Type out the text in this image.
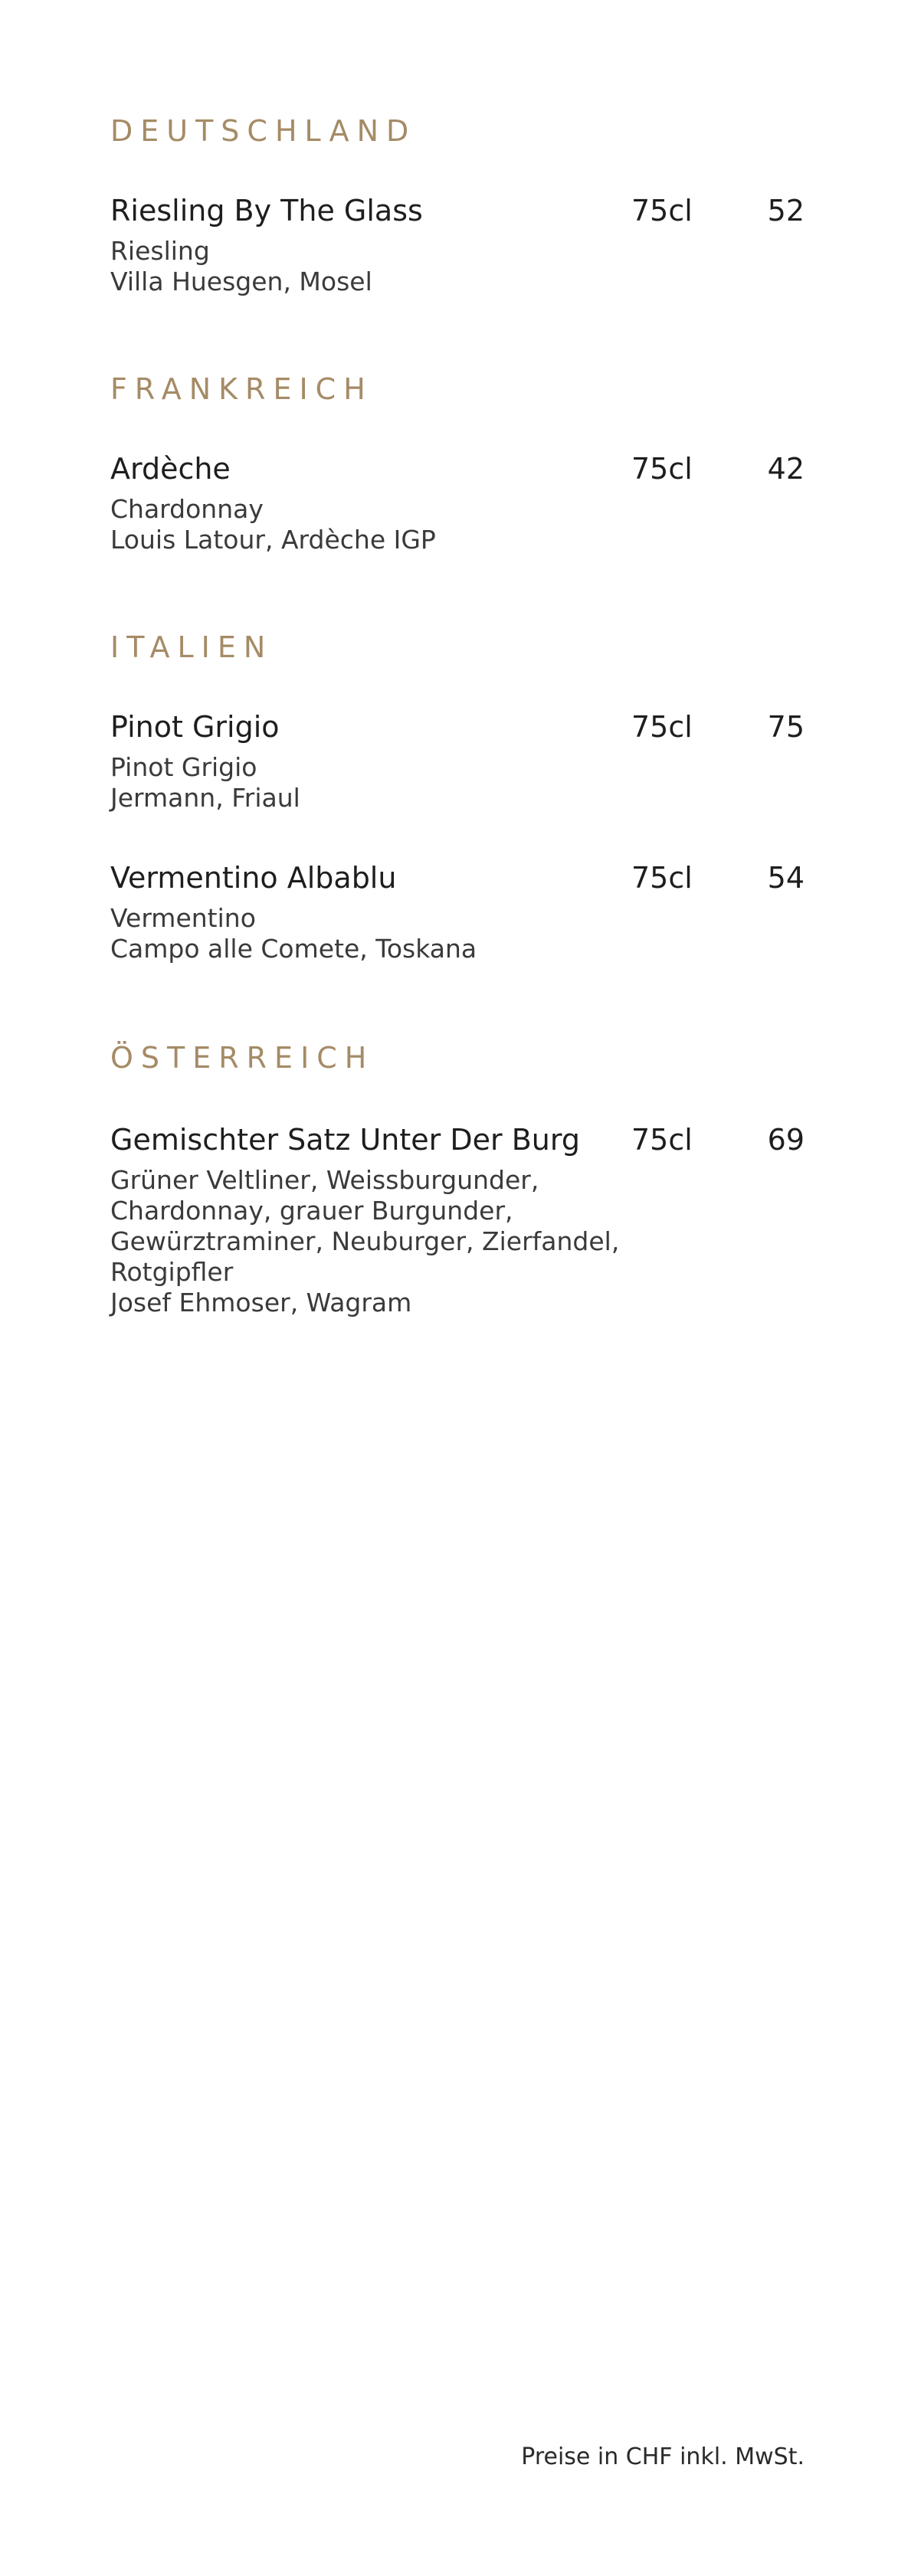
DEUTSCHLAND
Riesling By The Glass	75cl	52
Riesling
Villa Huesgen, Mosel
FRANKREICH
Ardèche	75cl	42
Chardonnay
Louis Latour, Ardèche IGP
ITALIEN
Pinot Grigio	75cl	75
Pinot Grigio
Jermann, Friaul
Vermentino Albablu	75cl	54
Vermentino
Campo alle Comete, Toskana
ÖSTERREICH
Gemischter Satz Unter Der Burg 75cl	69
Grüner Veltliner, Weissburgunder,
Chardonnay, grauer Burgunder,
Gewürztraminer, Neuburger, Zierfandel,
Rotgipfler
Josef Ehmoser, Wagram
Preise in CHF inkl. MwSt.
